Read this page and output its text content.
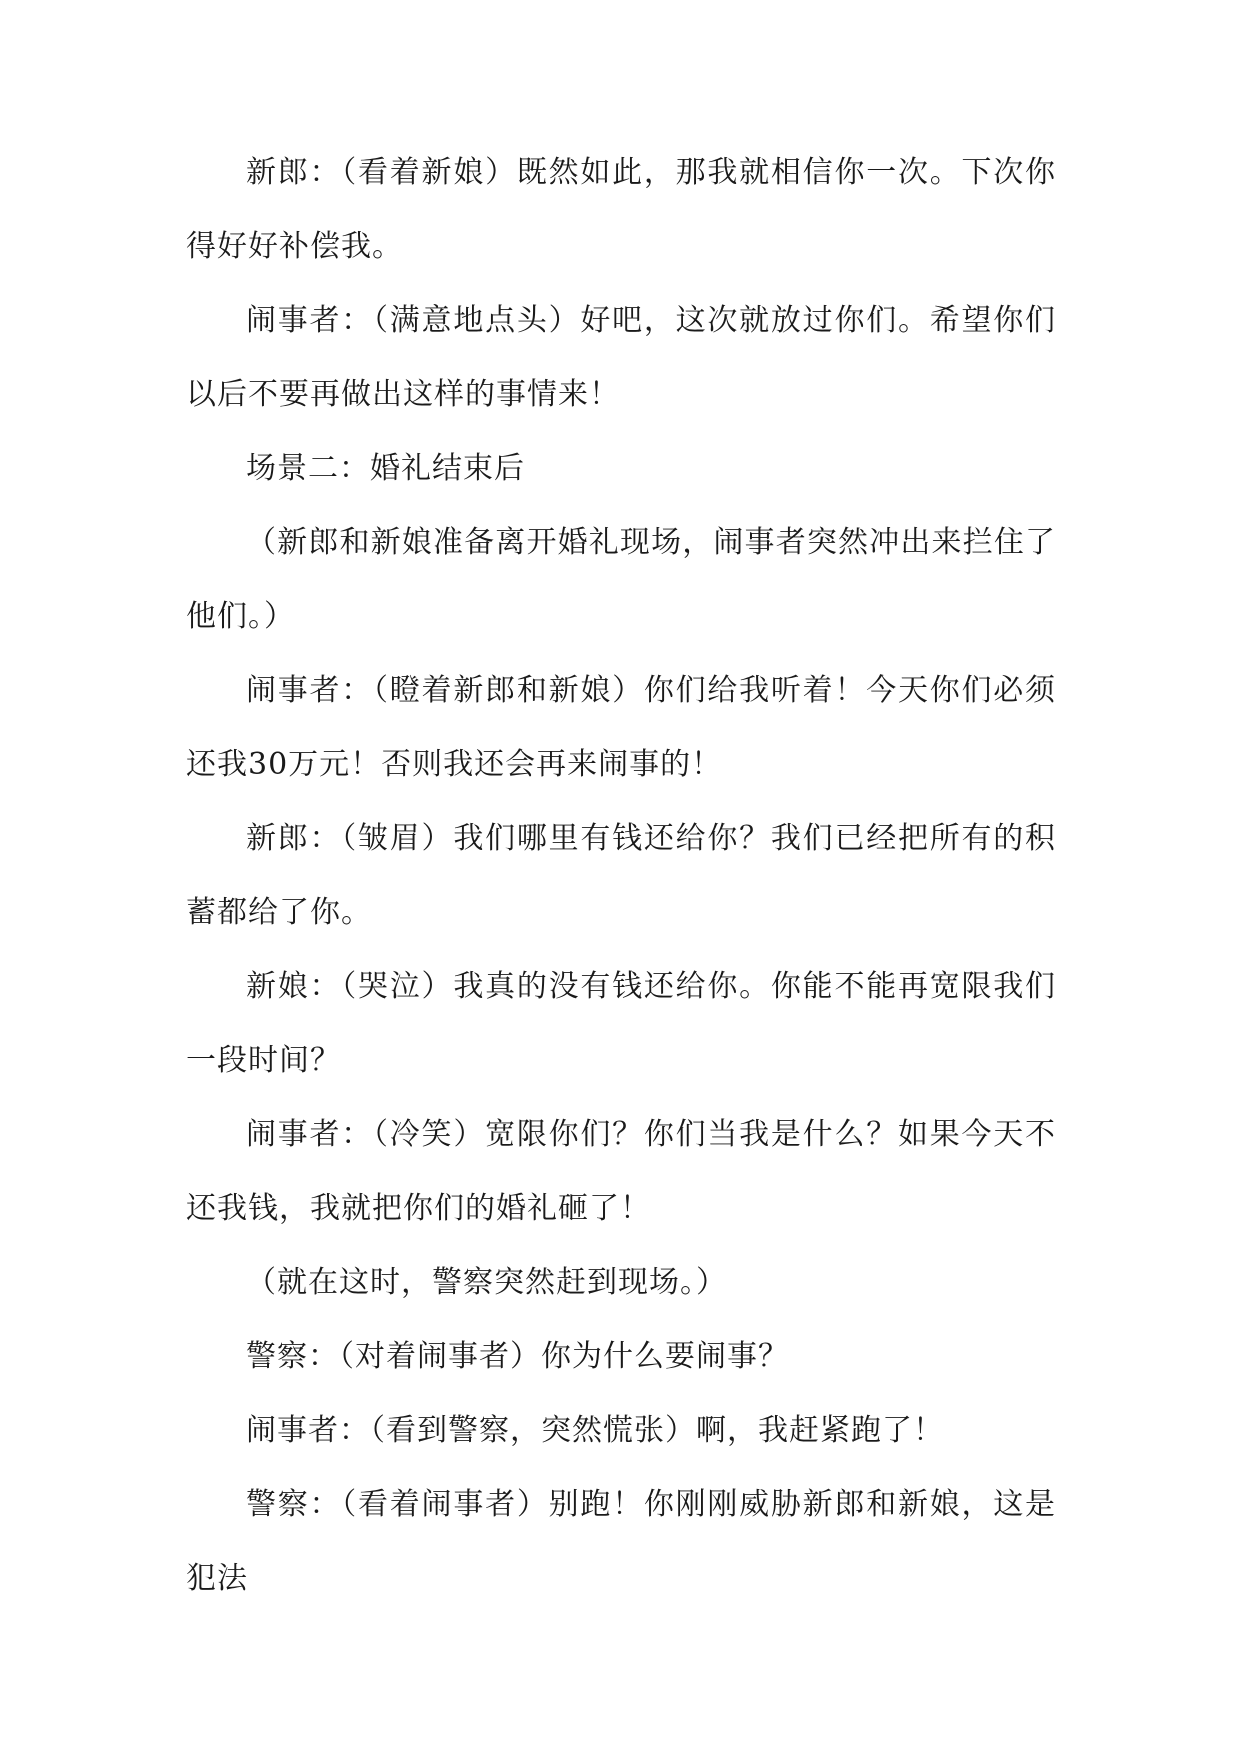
新郎：（看着新娘）既然如此，那我就相信你一次。下次你得好好补偿我。

闹事者：（满意地点头）好吧，这次就放过你们。希望你们以后不要再做出这样的事情来！

场景二：婚礼结束后

（新郎和新娘准备离开婚礼现场，闹事者突然冲出来拦住了他们。）

闹事者：（瞪着新郎和新娘）你们给我听着！今天你们必须还我30万元！否则我还会再来闹事的！

新郎：（皱眉）我们哪里有钱还给你？我们已经把所有的积蓄都给了你。

新娘：（哭泣）我真的没有钱还给你。你能不能再宽限我们一段时间？

闹事者：（冷笑）宽限你们？你们当我是什么？如果今天不还我钱，我就把你们的婚礼砸了！

（就在这时，警察突然赶到现场。）

警察：（对着闹事者）你为什么要闹事？

闹事者：（看到警察，突然慌张）啊，我赶紧跑了！

警察：（看着闹事者）别跑！你刚刚威胁新郎和新娘，这是犯法
